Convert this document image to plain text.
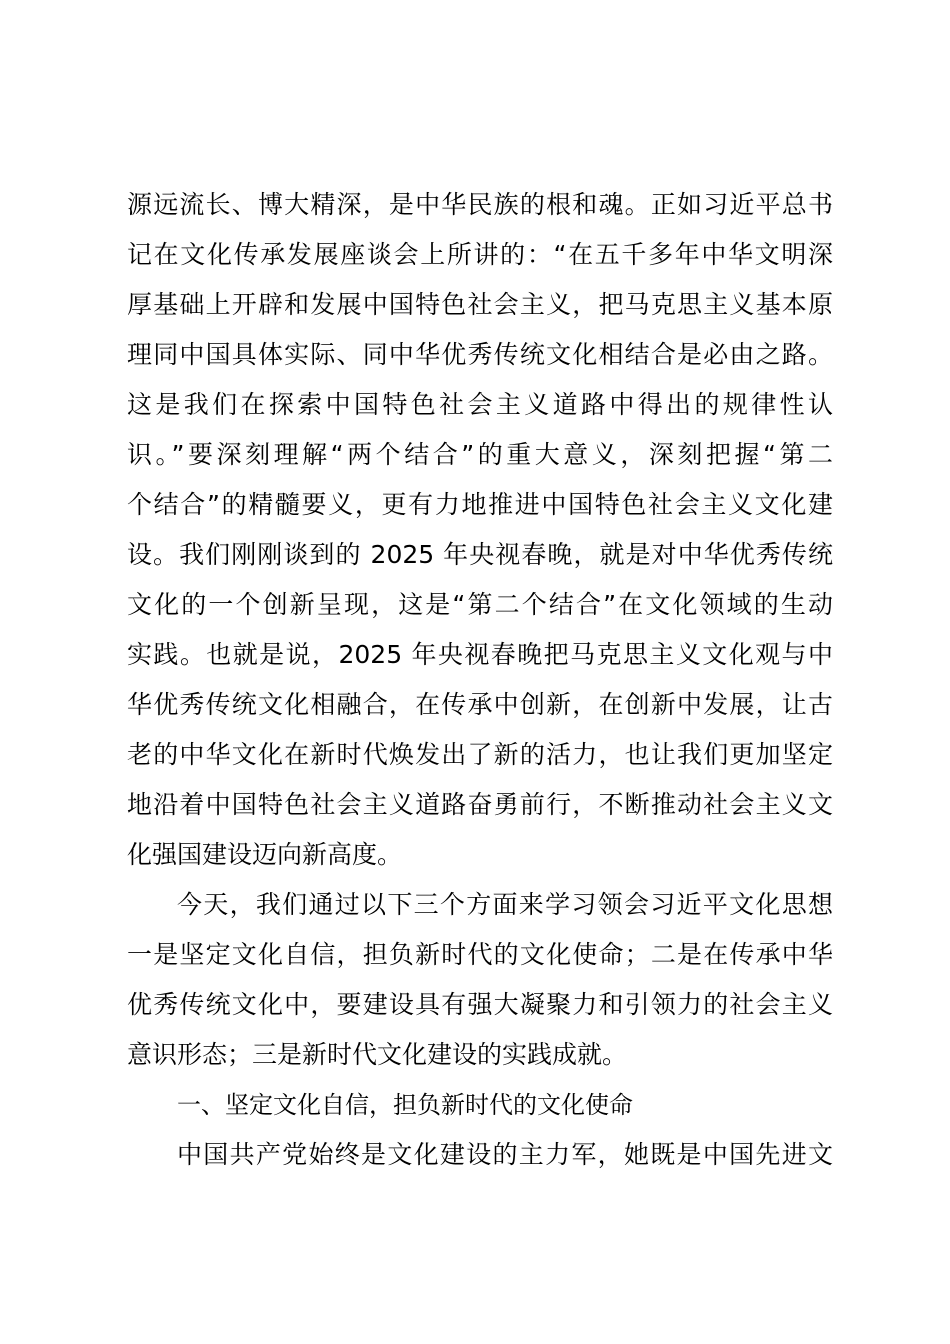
源远流长、博大精深，是中华民族的根和魂。正如习近平总书
记在文化传承发展座谈会上所讲的：“在五千多年中华文明深
厚基础上开辟和发展中国特色社会主义，把马克思主义基本原
理同中国具体实际、同中华优秀传统文化相结合是必由之路。
这是我们在探索中国特色社会主义道路中得出的规律性认
识。”要深刻理解“两个结合”的重大意义，深刻把握“第二
个结合”的精髓要义，更有力地推进中国特色社会主义文化建
设。我们刚刚谈到的 2025 年央视春晚，就是对中华优秀传统
文化的一个创新呈现，这是“第二个结合”在文化领域的生动
实践。也就是说，2025 年央视春晚把马克思主义文化观与中
华优秀传统文化相融合，在传承中创新，在创新中发展，让古
老的中华文化在新时代焕发出了新的活力，也让我们更加坚定
地沿着中国特色社会主义道路奋勇前行，不断推动社会主义文
化强国建设迈向新高度。
今天，我们通过以下三个方面来学习领会习近平文化思想
一是坚定文化自信，担负新时代的文化使命；二是在传承中华
优秀传统文化中，要建设具有强大凝聚力和引领力的社会主义
意识形态；三是新时代文化建设的实践成就。
一、坚定文化自信，担负新时代的文化使命
中国共产党始终是文化建设的主力军，她既是中国先进文
